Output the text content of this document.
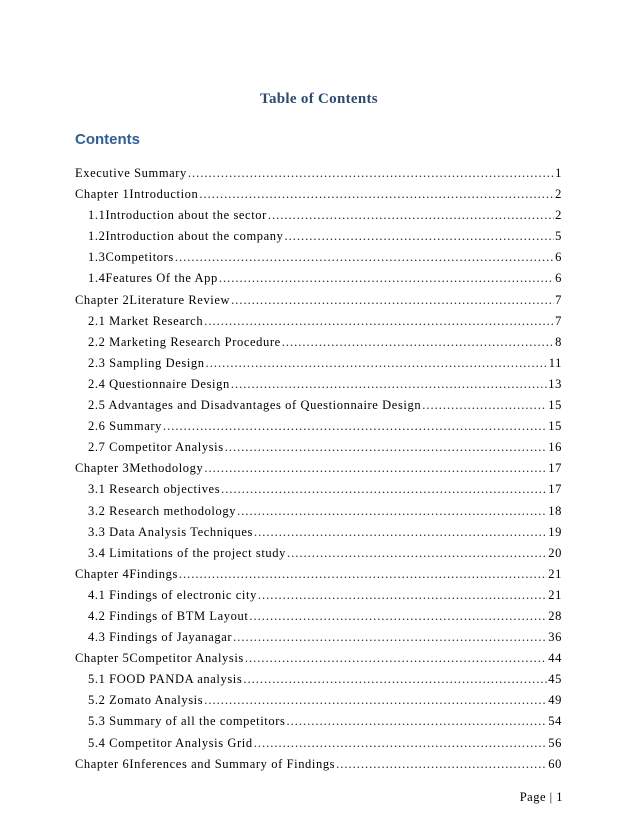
Table of Contents
Contents
Executive Summary .....	1
Chapter 1 Introduction .....	2
1.1 Introduction about the sector .....	2
1.2 Introduction about the company .....	5
1.3 Competitors .....	6
1.4 Features Of the App .....	6
Chapter 2 Literature Review .....	7
2.1 Market Research .....	7
2.2 Marketing Research Procedure .....	8
2.3 Sampling Design .....	11
2.4 Questionnaire Design .....	13
2.5 Advantages and Disadvantages of Questionnaire Design .....	15
2.6 Summary .....	15
2.7 Competitor Analysis .....	16
Chapter 3 Methodology .....	17
3.1 Research objectives .....	17
3.2 Research methodology .....	18
3.3 Data Analysis Techniques .....	19
3.4 Limitations of the project study .....	20
Chapter 4 Findings .....	21
4.1 Findings of electronic city .....	21
4.2 Findings of BTM Layout .....	28
4.3 Findings of Jayanagar .....	36
Chapter 5 Competitor Analysis .....	44
5.1 FOOD PANDA analysis .....	45
5.2 Zomato Analysis .....	49
5.3 Summary of all the competitors .....	54
5.4 Competitor Analysis Grid .....	56
Chapter 6 Inferences and Summary of Findings .....	60
Page | 1
